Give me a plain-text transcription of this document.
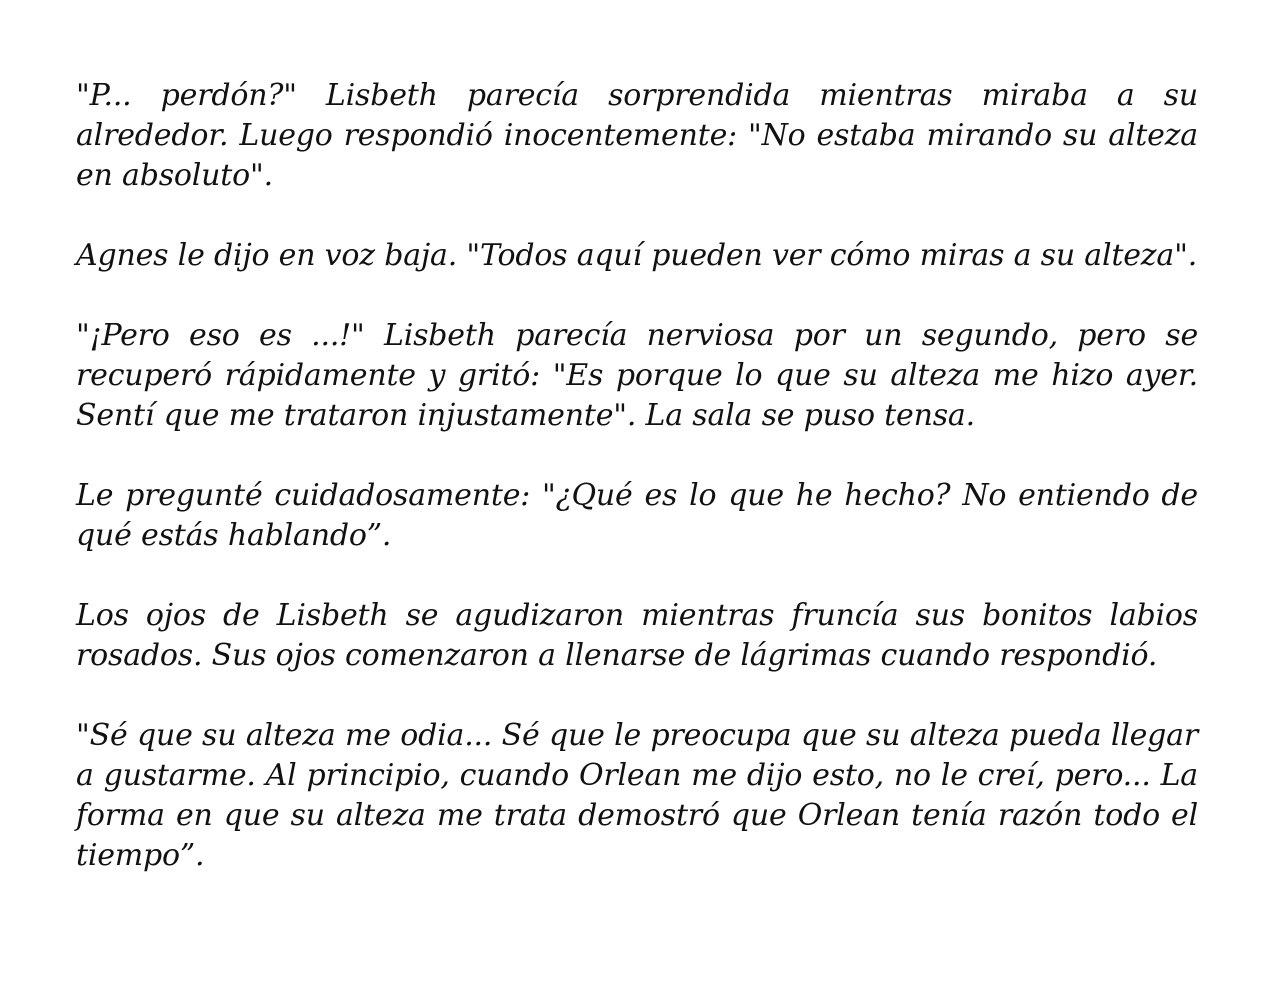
"P... perdón?" Lisbeth parecía sorprendida mientras miraba a su alrededor. Luego respondió inocentemente: "No estaba mirando su alteza en absoluto".

Agnes le dijo en voz baja. "Todos aquí pueden ver cómo miras a su alteza".

"¡Pero eso es ...!" Lisbeth parecía nerviosa por un segundo, pero se recuperó rápidamente y gritó: "Es porque lo que su alteza me hizo ayer. Sentí que me trataron injustamente". La sala se puso tensa.

Le pregunté cuidadosamente: "¿Qué es lo que he hecho? No entiendo de qué estás hablando”.

Los ojos de Lisbeth se agudizaron mientras fruncía sus bonitos labios rosados. Sus ojos comenzaron a llenarse de lágrimas cuando respondió.

"Sé que su alteza me odia... Sé que le preocupa que su alteza pueda llegar a gustarme. Al principio, cuando Orlean me dijo esto, no le creí, pero... La forma en que su alteza me trata demostró que Orlean tenía razón todo el tiempo”.
